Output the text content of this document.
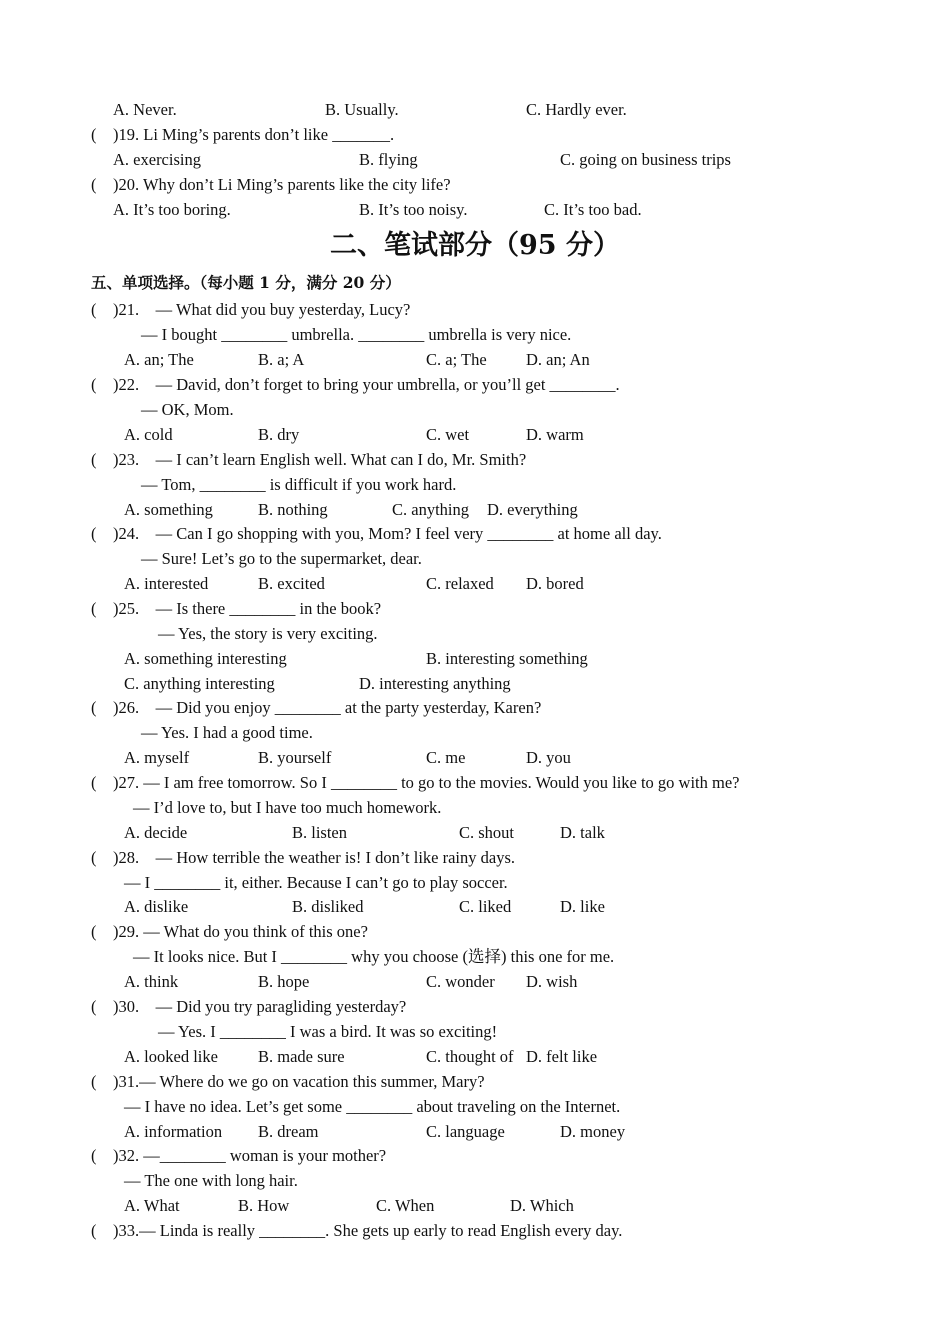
A. Never.	B. Usually.	C. Hardly ever.
(    )19. Li Ming’s parents don’t like _______.
A. exercising	B. flying	C. going on business trips
(    )20. Why don’t Li Ming’s parents like the city life?
A. It’s too boring.	B. It’s too noisy.	C. It’s too bad.
二、笔试部分（95 分）
五、单项选择。（每小题 1 分，满分 20 分）
(    )21.    — What did you buy yesterday, Lucy?
— I bought ________ umbrella. ________ umbrella is very nice.
A. an; The	B. a; A	C. a; The D. an; An
(    )22.    — David, don’t forget to bring your umbrella, or you’ll get ________.
— OK, Mom.
A. cold	B. dry	C. wet	D. warm
(    )23.    — I can’t learn English well. What can I do, Mr. Smith?
— Tom, ________ is difficult if you work hard.
A. something	B. nothing	C. anything D. everything
(    )24.    — Can I go shopping with you, Mom? I feel very ________ at home all day.
— Sure! Let’s go to the supermarket, dear.
A. interested	B. excited	C. relaxed D. bored
(    )25.    — Is there ________ in the book?
— Yes, the story is very exciting.
A. something interesting	B. interesting something
C. anything interesting	D. interesting anything
(    )26.    — Did you enjoy ________ at the party yesterday, Karen?
— Yes. I had a good time.
A. myself	B. yourself	C. me	D. you
(    )27. — I am free tomorrow. So I ________ to go to the movies. Would you like to go with me?
— I’d love to, but I have too much homework.
A. decide	B. listen	C. shout	D. talk
(    )28.    — How terrible the weather is! I don’t like rainy days.
— I ________ it, either. Because I can’t go to play soccer.
A. dislike	B. disliked	C. liked	D. like
(    )29. — What do you think of this one?
— It looks nice. But I ________ why you choose (选择) this one for me.
A. think	B. hope	C. wonder D. wish
(    )30.    — Did you try paragliding yesterday?
— Yes. I ________ I was a bird. It was so exciting!
A. looked like B. made sure	C. thought of D. felt like
(    )31.— Where do we go on vacation this summer, Mary?
— I have no idea. Let’s get some ________ about traveling on the Internet.
A. information B. dream	C. language	D. money
(    )32. —________ woman is your mother?
— The one with long hair.
A. What	B. How	C. When	D. Which
(    )33.— Linda is really ________. She gets up early to read English every day.
